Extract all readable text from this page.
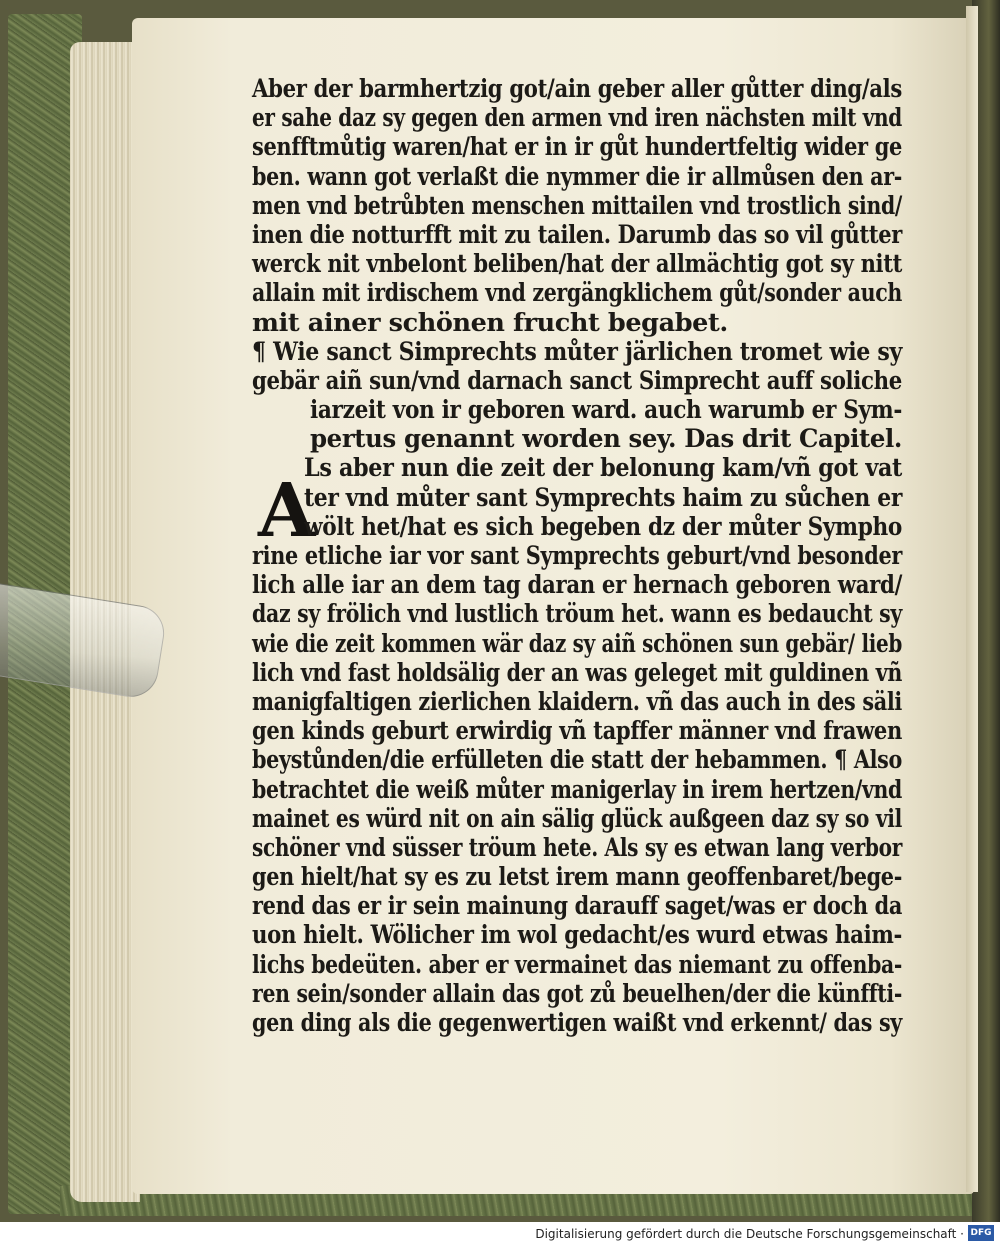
A
Aber der barmhertzig got/ain geber aller gůtter ding/als
er sahe daz sy gegen den armen vnd iren nächsten milt vnd
senfftmůtig waren/hat er in ir gůt hundertfeltig wider ge
ben. wann got verlaßt die nymmer die ir allmůsen den ar-
men vnd betrůbten menschen mittailen vnd trostlich sind/
inen die notturfft mit zu tailen. Darumb das so vil gůtter
werck nit vnbelont beliben/hat der allmächtig got sy nitt
allain mit irdischem vnd zergängklichem gůt/sonder auch
mit ainer schönen frucht begabet.
¶ Wie sanct Simprechts můter järlichen tromet wie sy
gebär aiñ sun/vnd darnach sanct Simprecht auff soliche
iarzeit von ir geboren ward. auch warumb er Sym-
pertus genannt worden sey. Das drit Capitel.
Ls aber nun die zeit der belonung kam/vñ got vat
ter vnd můter sant Symprechts haim zu sůchen er
wölt het/hat es sich begeben dz der můter Sympho
rine etliche iar vor sant Symprechts geburt/vnd besonder
lich alle iar an dem tag daran er hernach geboren ward/
daz sy frölich vnd lustlich tröum het. wann es bedaucht sy
wie die zeit kommen wär daz sy aiñ schönen sun gebär/ lieb
lich vnd fast holdsälig der an was geleget mit guldinen vñ
manigfaltigen zierlichen klaidern. vñ das auch in des säli
gen kinds geburt erwirdig vñ tapffer männer vnd frawen
beystůnden/die erfülleten die statt der hebammen. ¶ Also
betrachtet die weiß můter manigerlay in irem hertzen/vnd
mainet es würd nit on ain sälig glück außgeen daz sy so vil
schöner vnd süsser tröum hete. Als sy es etwan lang verbor
gen hielt/hat sy es zu letst irem mann geoffenbaret/bege-
rend das er ir sein mainung darauff saget/was er doch da
uon hielt. Wölicher im wol gedacht/es wurd etwas haim-
lichs bedeüten. aber er vermainet das niemant zu offenba-
ren sein/sonder allain das got zů beuelhen/der die künffti-
gen ding als die gegenwertigen waißt vnd erkennt/ das sy
Digitalisierung gefördert durch die Deutsche Forschungsgemeinschaft · DFG
